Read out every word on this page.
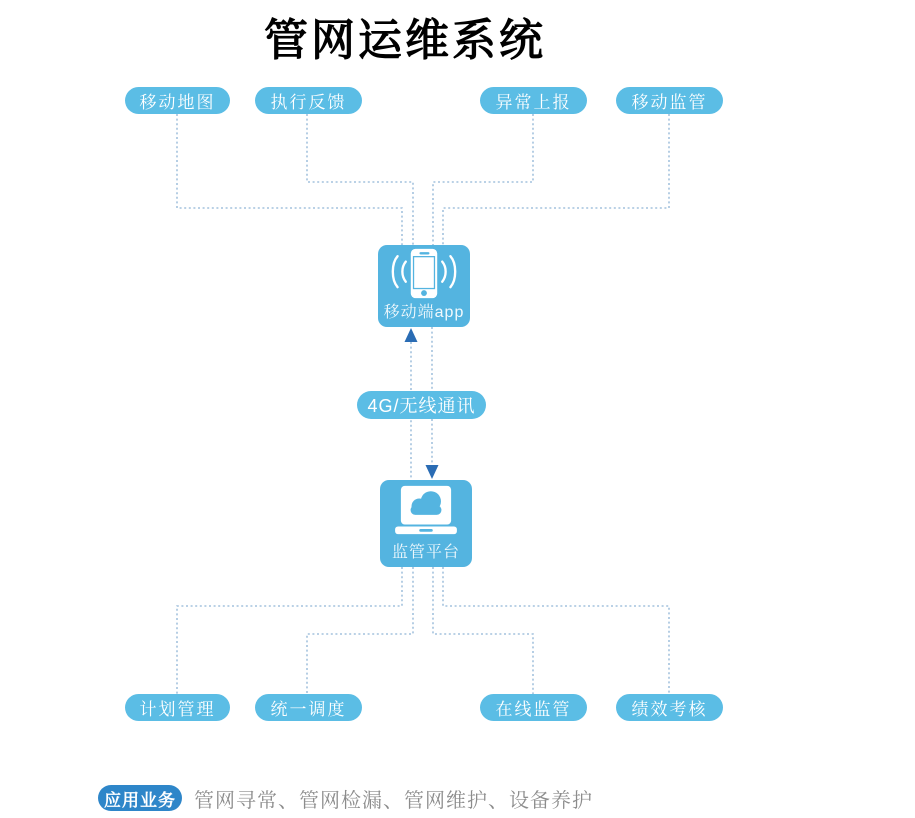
管网运维系统
移动地图	执行反馈	异常上报	移动监管
移动端app
4G/无线通讯
监管平台
计划管理	统一调度	在线监管	绩效考核
应用业务 管网寻常、管网检漏、管网维护、设备养护
